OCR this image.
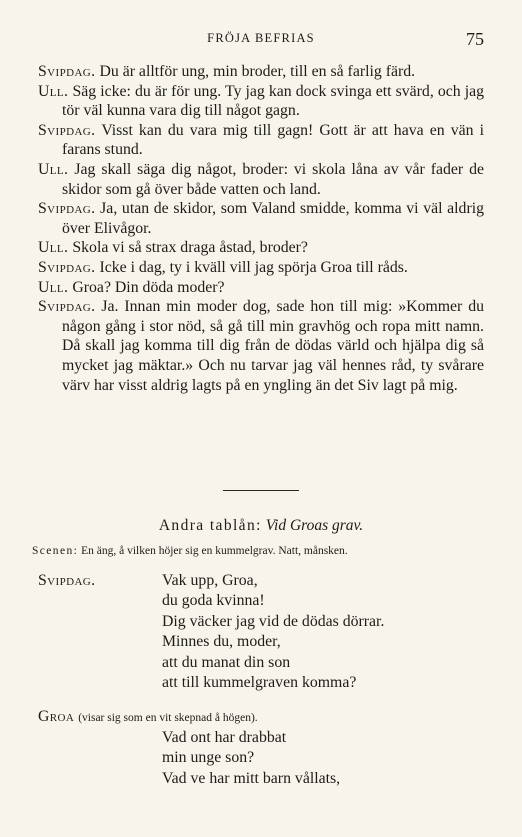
FRÖJA BEFRIAS	75

Svipdag. Du är alltför ung, min broder, till en så farlig färd.

Ull. Säg icke: du är för ung. Ty jag kan dock svinga ett svärd, och jag tör väl kunna vara dig till något gagn.

Svipdag. Visst kan du vara mig till gagn! Gott är att hava en vän i farans stund.

Ull. Jag skall säga dig något, broder: vi skola låna av vår fader de skidor som gå över både vatten och land.

Svipdag. Ja, utan de skidor, som Valand smidde, komma vi väl aldrig över Elivågor.

Ull. Skola vi så strax draga åstad, broder?

Svipdag. Icke i dag, ty i kväll vill jag spörja Groa till råds.

Ull. Groa? Din döda moder?

Svipdag. Ja. Innan min moder dog, sade hon till mig: »Kommer du någon gång i stor nöd, så gå till min gravhög och ropa mitt namn. Då skall jag komma till dig från de dödas värld och hjälpa dig så mycket jag mäktar.» Och nu tarvar jag väl hennes råd, ty svårare värv har visst aldrig lagts på en yngling än det Siv lagt på mig.

Andra tablån: Vid Groas grav.
Scenen: En äng, å vilken höjer sig en kummelgrav. Natt, månsken.
Svipdag.	Vak upp, Groa,
du goda kvinna!
Dig väcker jag vid de dödas dörrar.
Minnes du, moder,
att du manat din son
att till kummelgraven komma?
Groa (visar sig som en vit skepnad å högen).
Vad ont har drabbat
min unge son?
Vad ve har mitt barn vållats,
